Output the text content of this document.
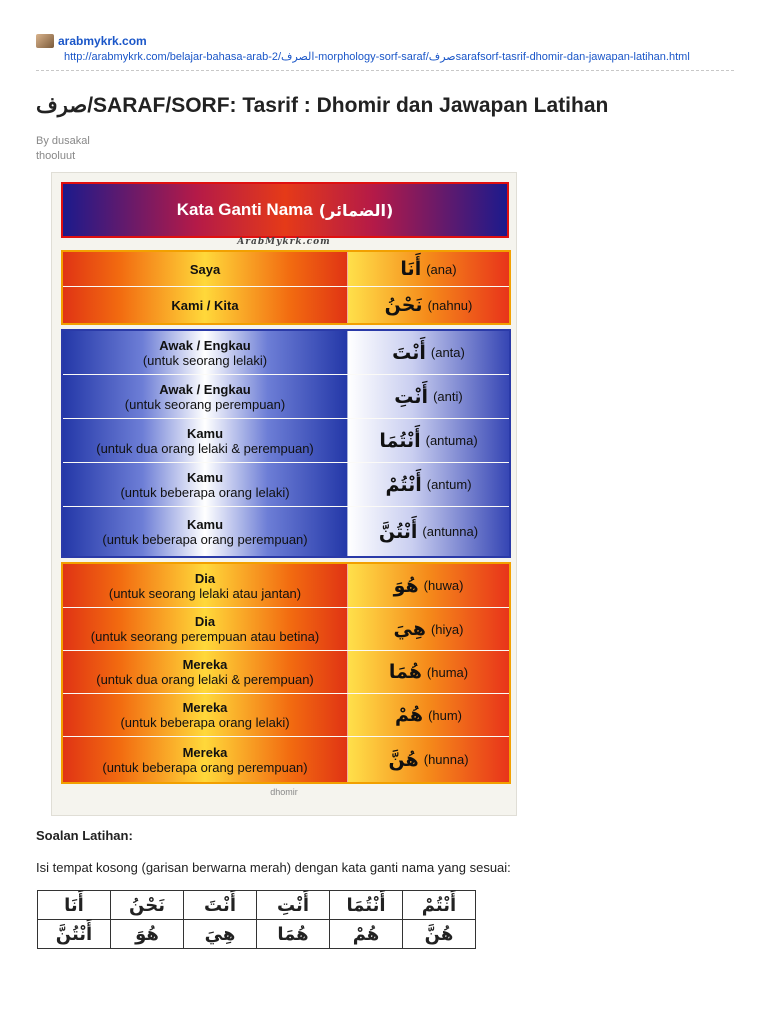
arabmykrk.com
http://arabmykrk.com/belajar-bahasa-arab-2/الصرف-morphology-sorf-saraf/صرفsarafsorf-tasrif-dhomir-dan-jawapan-latihan.html
صرف/SARAF/SORF: Tasrif : Dhomir dan Jawapan Latihan
By dusakal
thooluut
Kata Ganti Nama (الضمائر)
ArabMykrk.com
Saya	أَنَا (ana)
Kami / Kita	نَحْنُ (nahnu)
Awak / Engkau
(untuk seorang lelaki)	أَنْتَ (anta)
Awak / Engkau
(untuk seorang perempuan)	أَنْتِ (anti)
Kamu
(untuk dua orang lelaki & perempuan)	أَنْتُمَا (antuma)
Kamu
(untuk beberapa orang lelaki)	أَنْتُمْ (antum)
Kamu
(untuk beberapa orang perempuan)	أَنْتُنَّ (antunna)
Dia
(untuk seorang lelaki atau jantan)	هُوَ (huwa)
Dia
(untuk seorang perempuan atau betina)	هِيَ (hiya)
Mereka
(untuk dua orang lelaki & perempuan)	هُمَا (huma)
Mereka
(untuk beberapa orang lelaki)	هُمْ (hum)
Mereka
(untuk beberapa orang perempuan)	هُنَّ (hunna)
dhomir
Soalan Latihan:
Isi tempat kosong (garisan berwarna merah) dengan kata ganti nama yang sesuai:
أَنَا	نَحْنُ	أَنْتَ	أَنْتِ	أَنْتُمَا	أَنْتُمْ
أَنْتُنَّ	هُوَ	هِيَ	هُمَا	هُمْ	هُنَّ
